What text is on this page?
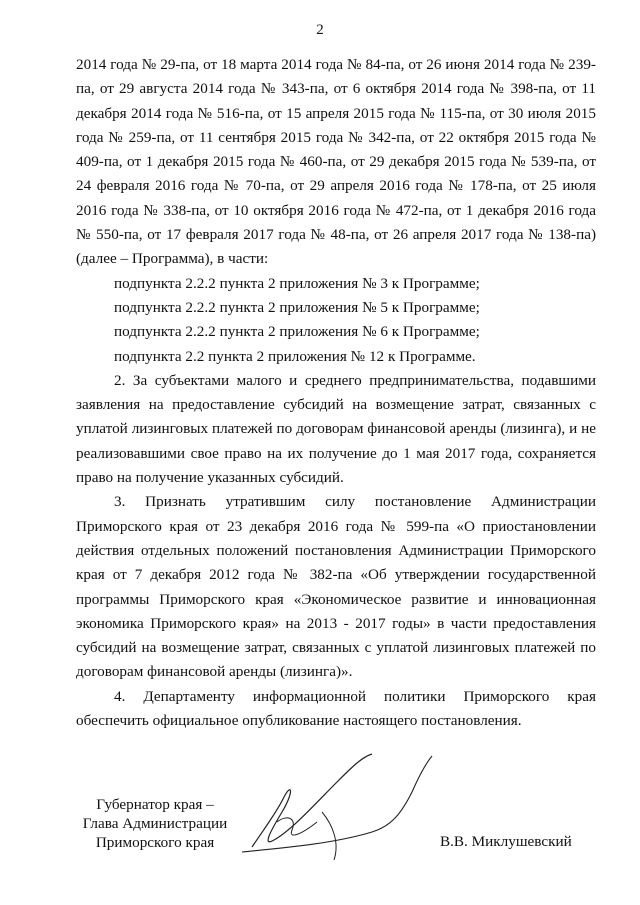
2

2014 года № 29-па, от 18 марта 2014 года № 84-па, от 26 июня 2014 года № 239-па, от 29 августа 2014 года № 343-па, от 6 октября 2014 года № 398-па, от 11 декабря 2014 года № 516-па, от 15 апреля 2015 года № 115-па, от 30 июля 2015 года № 259-па, от 11 сентября 2015 года № 342-па, от 22 октября 2015 года № 409-па, от 1 декабря 2015 года № 460-па, от 29 декабря 2015 года № 539-па, от 24 февраля 2016 года № 70-па, от 29 апреля 2016 года № 178-па, от 25 июля 2016 года № 338-па, от 10 октября 2016 года № 472-па, от 1 декабря 2016 года № 550-па, от 17 февраля 2017 года № 48-па, от 26 апреля 2017 года № 138-па) (далее – Программа), в части:

подпункта 2.2.2 пункта 2 приложения № 3 к Программе;

подпункта 2.2.2 пункта 2 приложения № 5 к Программе;

подпункта 2.2.2 пункта 2 приложения № 6 к Программе;

подпункта 2.2 пункта 2 приложения № 12 к Программе.

2. За субъектами малого и среднего предпринимательства, подавшими заявления на предоставление субсидий на возмещение затрат, связанных с уплатой лизинговых платежей по договорам финансовой аренды (лизинга), и не реализовавшими свое право на их получение до 1 мая 2017 года, сохраняется право на получение указанных субсидий.

3. Признать утратившим силу постановление Администрации Приморского края от 23 декабря 2016 года № 599-па «О приостановлении действия отдельных положений постановления Администрации Приморского края от 7 декабря 2012 года № 382-па «Об утверждении государственной программы Приморского края «Экономическое развитие и инновационная экономика Приморского края» на 2013 - 2017 годы» в части предоставления субсидий на возмещение затрат, связанных с уплатой лизинговых платежей по договорам финансовой аренды (лизинга)».

4. Департаменту информационной политики Приморского края обеспечить официальное опубликование настоящего постановления.

Губернатор края –
Глава Администрации
Приморского края	В.В. Миклушевский
